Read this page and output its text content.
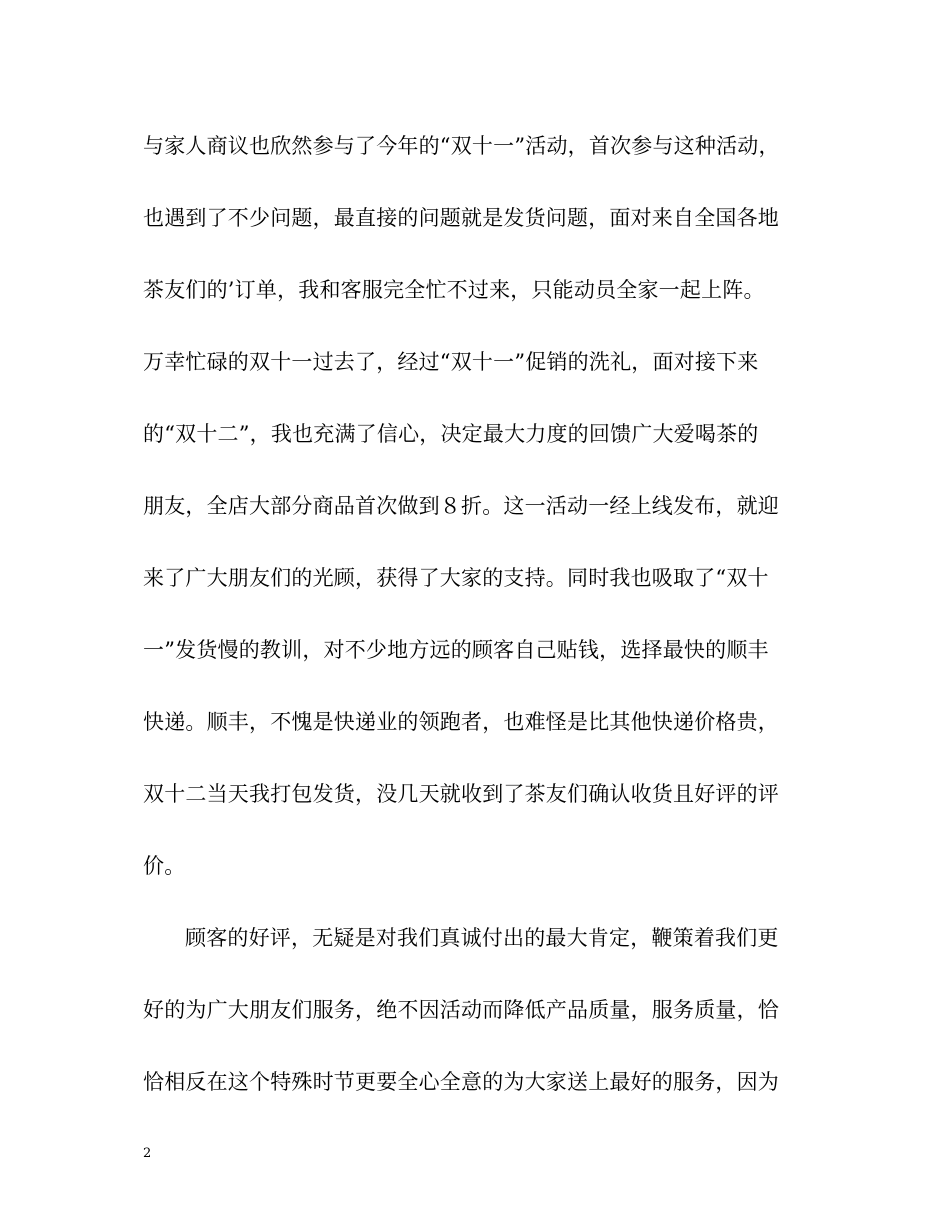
与家人商议也欣然参与了今年的“双十一”活动，首次参与这种活动，
也遇到了不少问题，最直接的问题就是发货问题，面对来自全国各地
茶友们的’订单，我和客服完全忙不过来，只能动员全家一起上阵。
万幸忙碌的双十一过去了，经过“双十一”促销的洗礼，面对接下来
的“双十二”，我也充满了信心，决定最大力度的回馈广大爱喝茶的
朋友，全店大部分商品首次做到８折。这一活动一经上线发布，就迎
来了广大朋友们的光顾，获得了大家的支持。同时我也吸取了“双十
一”发货慢的教训，对不少地方远的顾客自己贴钱，选择最快的顺丰
快递。顺丰，不愧是快递业的领跑者，也难怪是比其他快递价格贵，
双十二当天我打包发货，没几天就收到了茶友们确认收货且好评的评
价。
顾客的好评，无疑是对我们真诚付出的最大肯定，鞭策着我们更
好的为广大朋友们服务，绝不因活动而降低产品质量，服务质量，恰
恰相反在这个特殊时节更要全心全意的为大家送上最好的服务，因为
2
